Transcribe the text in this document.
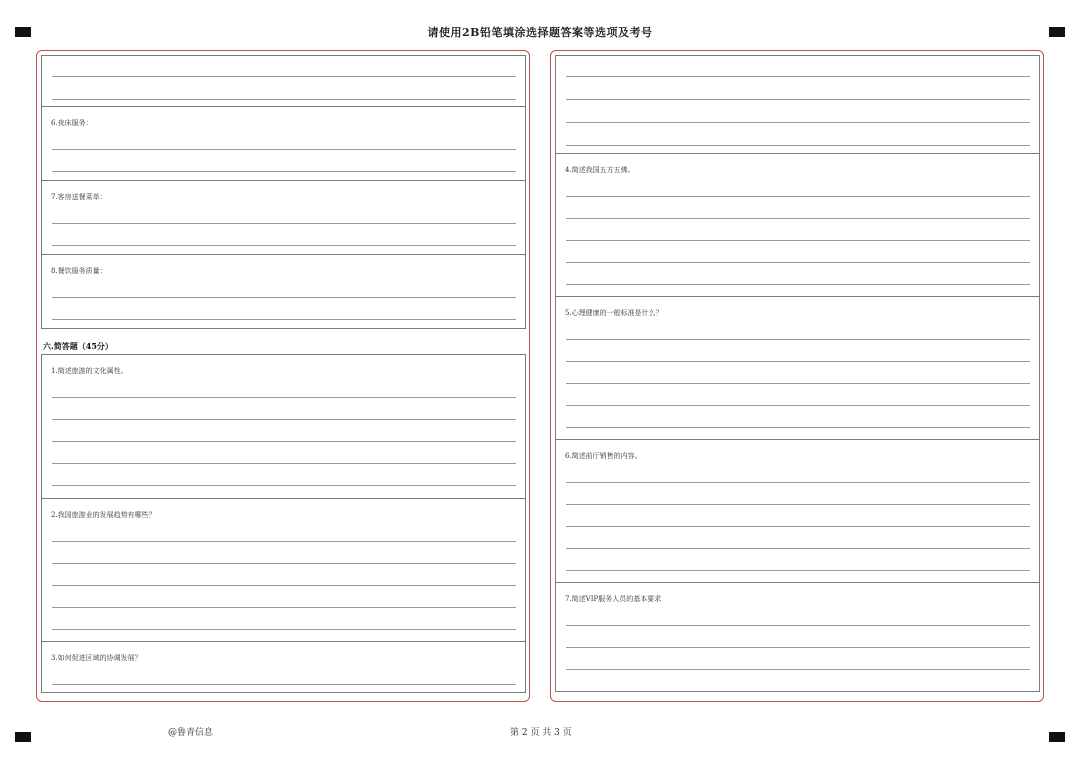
请使用2B铅笔填涂选择题答案等选项及考号
6.夜床服务：
7.客房送餐菜单：
8.餐饮服务质量：
六.简答题（45分）
1.简述旅游的文化属性。
2.我国旅游业的发展趋势有哪些？
3.如何促进区域的协调发展？
4.简述我国五方五佛。
5.心理健康的一般标准是什么？
6.简述前厅销售的内容。
7.简述VIP服务人员的基本要求
@鲁青信息	第 2 页 共 3 页
